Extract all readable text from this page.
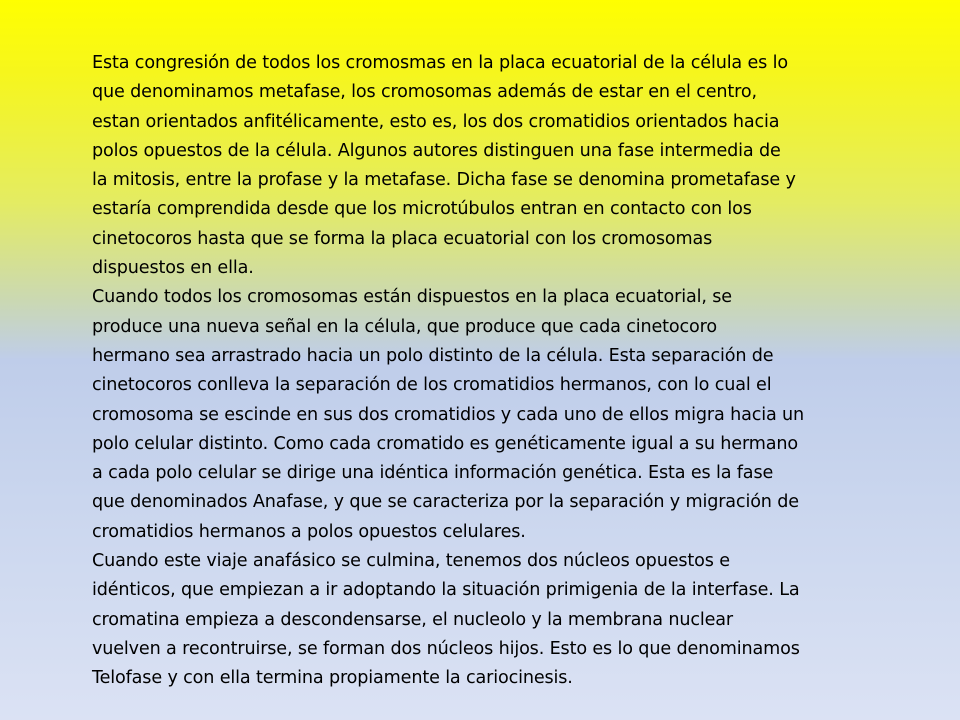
Esta congresión de todos los cromosmas en la placa ecuatorial de la célula es lo
que denominamos metafase, los cromosomas además de estar en el centro,
estan orientados anfitélicamente, esto es, los dos cromatidios orientados hacia
polos opuestos de la célula. Algunos autores distinguen una fase intermedia de
la mitosis, entre la profase y la metafase. Dicha fase se denomina prometafase y
estaría comprendida desde que los microtúbulos entran en contacto con los
cinetocoros hasta que se forma la placa ecuatorial con los cromosomas
dispuestos en ella.

Cuando todos los cromosomas están dispuestos en la placa ecuatorial, se
produce una nueva señal en la célula, que produce que cada cinetocoro
hermano sea arrastrado hacia un polo distinto de la célula. Esta separación de
cinetocoros conlleva la separación de los cromatidios hermanos, con lo cual el
cromosoma se escinde en sus dos cromatidios y cada uno de ellos migra hacia un
polo celular distinto. Como cada cromatido es genéticamente igual a su hermano
a cada polo celular se dirige una idéntica información genética. Esta es la fase
que denominados Anafase, y que se caracteriza por la separación y migración de
cromatidios hermanos a polos opuestos celulares.

Cuando este viaje anafásico se culmina, tenemos dos núcleos opuestos e
idénticos, que empiezan a ir adoptando la situación primigenia de la interfase. La
cromatina empieza a descondensarse, el nucleolo y la membrana nuclear
vuelven a recontruirse, se forman dos núcleos hijos. Esto es lo que denominamos
Telofase y con ella termina propiamente la cariocinesis.
